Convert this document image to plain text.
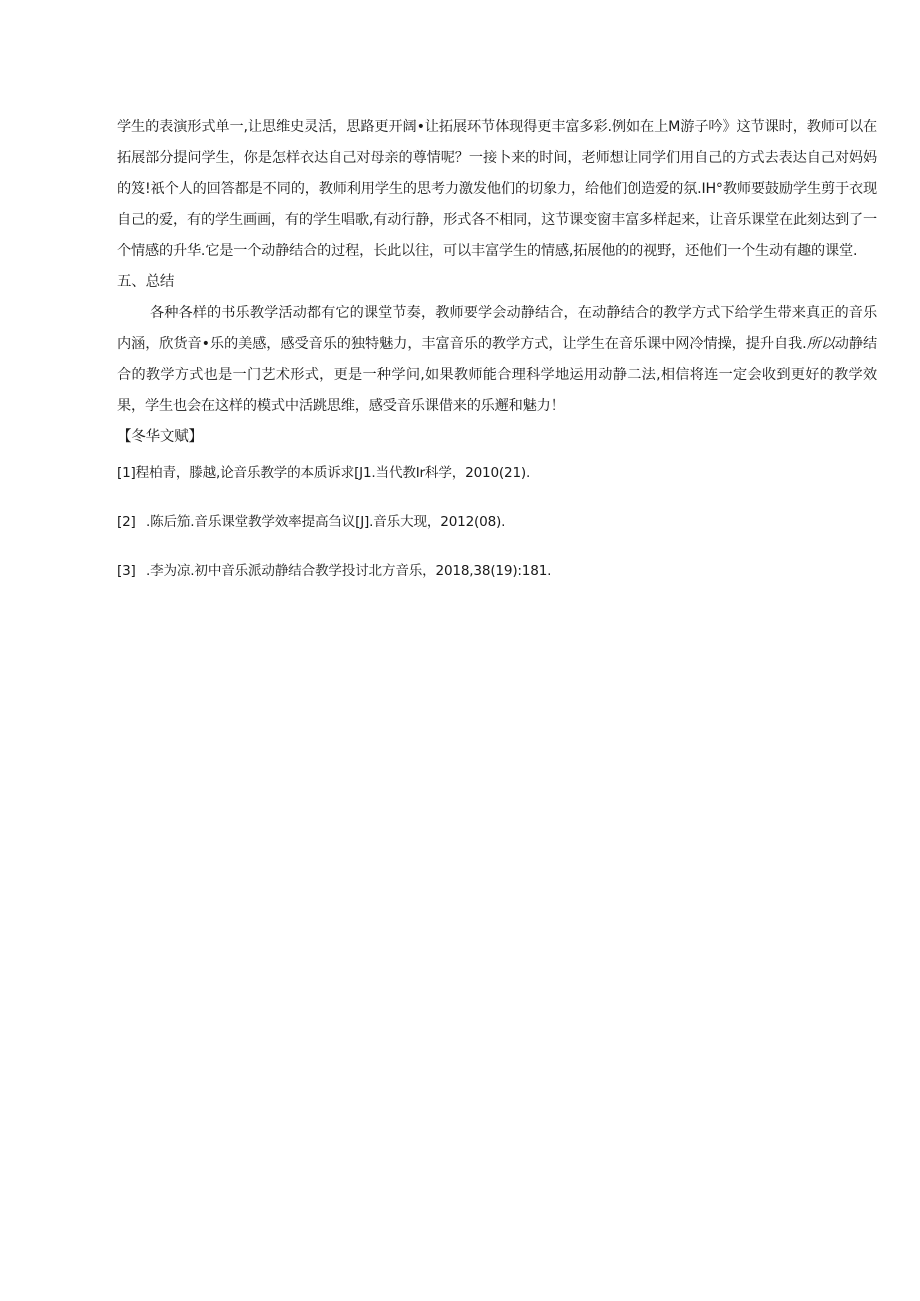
学生的表演形式单一,让思维史灵活，思路更开阔•让拓展环节体现得更丰富多彩.例如在上M游子吟》这节课时，教师可以在拓展部分提问学生，你是怎样衣达自己对母亲的尊情呢？一接卜来的时间，老师想让同学们用自己的方式去表达自己对妈妈的笈!祇个人的回答都是不同的，教师利用学生的思考力激发他们的切象力，给他们创造爱的氛.IH°教师要鼓励学生剪于衣现自己的爱，有的学生画画，有的学生唱歌,有动行静，形式各不相同，这节课变窗丰富多样起来，让音乐课堂在此刻达到了一个情感的升华.它是一个动静结合的过程，长此以往，可以丰富学生的情感,拓展他的的视野，还他们一个生动有趣的课堂.

五、总结

各种各样的书乐教学活动都有它的课堂节奏，教师要学会动静结合，在动静结合的教学方式下给学生带来真正的音乐内涵，欣货音•乐的美感，感受音乐的独特魅力，丰富音乐的教学方式，让学生在音乐课中网冷情操，提升自我.所以动静结合的教学方式也是一门艺术形式，更是一种学问,如果教师能合理科学地运用动静二法,相信将连一定会收到更好的教学效果，学生也会在这样的模式中活跳思维，感受音乐课借来的乐邂和魅力！

【冬华文赋】

[1]程柏青，滕越,论音乐教学的本质诉求[J1.当代教Ir科学，2010(21).
[2] .陈后笳.音乐课堂教学效率提高刍议[J].音乐大现，2012(08).
[3] .李为凉.初中音乐派动静结合教学投讨北方音乐，2018,38(19):181.
